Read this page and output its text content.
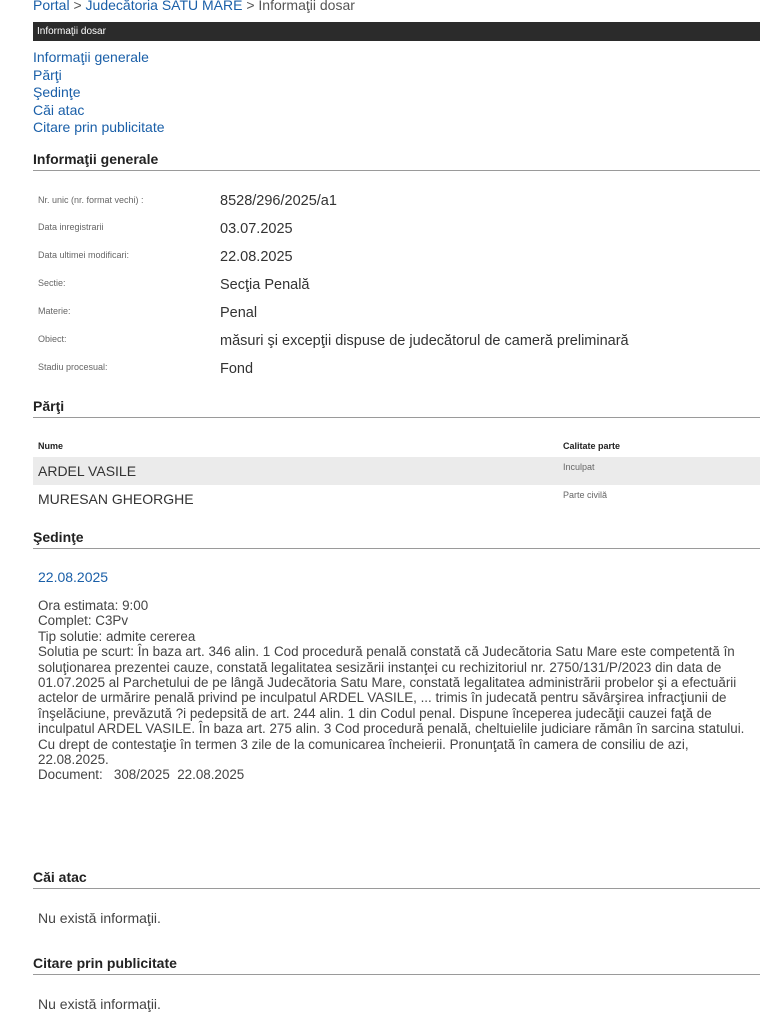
Portal > Judecătoria SATU MARE > Informaţii dosar
Informaţii dosar
Informaţii generale
Părţi
Şedinţe
Căi atac
Citare prin publicitate
Informaţii generale
Nr. unic (nr. format vechi) :	8528/296/2025/a1
Data inregistrarii	03.07.2025
Data ultimei modificari:	22.08.2025
Sectie:	Secţia Penală
Materie:	Penal
Obiect:	măsuri şi excepţii dispuse de judecătorul de cameră preliminară
Stadiu procesual:	Fond
Părţi
Nume	Calitate parte
ARDEL VASILE	Inculpat
MURESAN GHEORGHE	Parte civilă
Şedinţe
22.08.2025
Ora estimata: 9:00
Complet: C3Pv
Tip solutie: admite cererea
Solutia pe scurt: În baza art. 346 alin. 1 Cod procedură penală constată că Judecătoria Satu Mare este competentă în soluţionarea prezentei cauze, constată legalitatea sesizării instanţei cu rechizitoriul nr. 2750/131/P/2023 din data de 01.07.2025 al Parchetului de pe lângă Judecătoria Satu Mare, constată legalitatea administrării probelor şi a efectuării actelor de urmărire penală privind pe inculpatul ARDEL VASILE, ... trimis în judecată pentru săvârşirea infracţiunii de înşelăciune, prevăzută ?i pedepsită de art. 244 alin. 1 din Codul penal. Dispune începerea judecăţii cauzei faţă de inculpatul ARDEL VASILE. În baza art. 275 alin. 3 Cod procedură penală, cheltuielile judiciare rămân în sarcina statului. Cu drept de contestaţie în termen 3 zile de la comunicarea încheierii. Pronunţată în camera de consiliu de azi, 22.08.2025.
Document:   308/2025  22.08.2025
Căi atac
Nu există informaţii.
Citare prin publicitate
Nu există informaţii.
